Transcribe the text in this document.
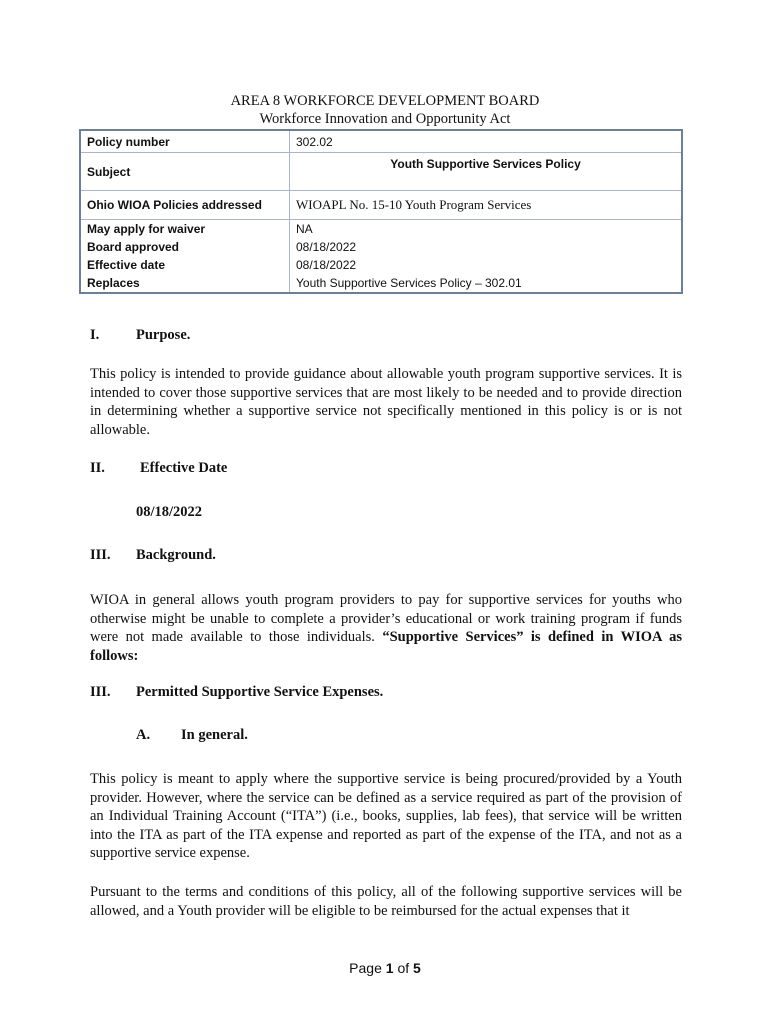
AREA 8 WORKFORCE DEVELOPMENT BOARD
Workforce Innovation and Opportunity Act
Policy number	302.02
Subject	Youth Supportive Services Policy
Ohio WIOA Policies addressed	WIOAPL No. 15-10 Youth Program Services
May apply for waiver	NA
Board approved	08/18/2022
Effective date	08/18/2022
Replaces	Youth Supportive Services Policy – 302.01
I.	Purpose.

This policy is intended to provide guidance about allowable youth program supportive services. It is intended to cover those supportive services that are most likely to be needed and to provide direction in determining whether a supportive service not specifically mentioned in this policy is or is not allowable.

II. Effective Date
08/18/2022
III. Background.

WIOA in general allows youth program providers to pay for supportive services for youths who otherwise might be unable to complete a provider’s educational or work training program if funds were not made available to those individuals. “Supportive Services” is defined in WIOA as follows:

III. Permitted Supportive Service Expenses.
A. In general.

This policy is meant to apply where the supportive service is being procured/provided by a Youth provider. However, where the service can be defined as a service required as part of the provision of an Individual Training Account (“ITA”) (i.e., books, supplies, lab fees), that service will be written into the ITA as part of the ITA expense and reported as part of the expense of the ITA, and not as a supportive service expense.

Pursuant to the terms and conditions of this policy, all of the following supportive services will be allowed, and a Youth provider will be eligible to be reimbursed for the actual expenses that it

Page 1 of 5
